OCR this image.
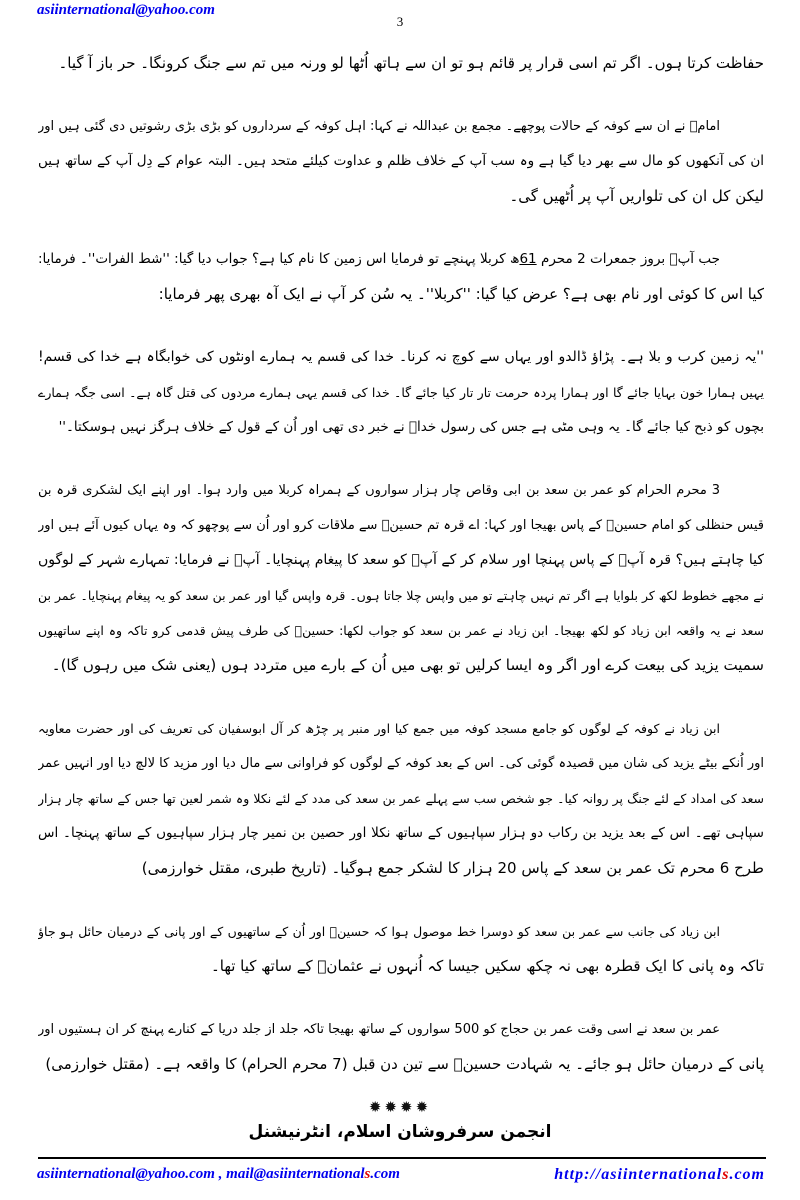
asiinternational@yahoo.com
3
حفاظت کرتا ہوں۔ اگر تم اسی قرار پر قائم ہو تو ان سے ہاتھ اُٹھا لو ورنہ میں تم سے جنگ کرونگا۔ حر باز آ گیا۔
امامؑ نے ان سے کوفہ کے حالات پوچھے۔ مجمع بن عبداللہ نے کہا: اہل کوفہ کے سرداروں کو بڑی بڑی رشوتیں دی گئی ہیں اور
ان کی آنکھوں کو مال سے بھر دیا گیا ہے وہ سب آپ کے خلاف ظلم و عداوت کیلئے متحد ہیں۔ البتہ عوام کے دِل آپ کے ساتھ ہیں
لیکن کل ان کی تلواریں آپ پر اُٹھیں گی۔
جب آپؑ بروز جمعرات 2 محرم 61ھ کربلا پہنچے تو فرمایا اس زمین کا نام کیا ہے؟ جواب دیا گیا: ''شط الفرات''۔ فرمایا:
کیا اس کا کوئی اور نام بھی ہے؟ عرض کیا گیا: ''کربلا''۔ یہ سُن کر آپ نے ایک آہ بھری پھر فرمایا:
''یہ زمین کرب و بلا ہے۔ پڑاؤ ڈالدو اور یہاں سے کوچ نہ کرنا۔ خدا کی قسم یہ ہمارے اونٹوں کی خوابگاہ ہے خدا کی قسم!
یہیں ہمارا خون بہایا جائے گا اور ہمارا پردہ حرمت تار تار کیا جائے گا۔ خدا کی قسم یہی ہمارے مردوں کی قتل گاہ ہے۔ اسی جگہ ہمارے
بچوں کو ذبح کیا جائے گا۔ یہ وہی مٹی ہے جس کی رسول خداؐ نے خبر دی تھی اور اُن کے قول کے خلاف ہرگز نہیں ہوسکتا۔''
3 محرم الحرام کو عمر بن سعد بن ابی وقاص چار ہزار سواروں کے ہمراہ کربلا میں وارد ہوا۔ اور اپنے ایک لشکری قرہ بن
قیس حنظلی کو امام حسینؑ کے پاس بھیجا اور کہا: اے قرہ تم حسینؑ سے ملاقات کرو اور اُن سے پوچھو کہ وہ یہاں کیوں آئے ہیں اور
کیا چاہتے ہیں؟ قرہ آپؑ کے پاس پہنچا اور سلام کر کے آپؑ کو سعد کا پیغام پہنچایا۔ آپؑ نے فرمایا: تمہارے شہر کے لوگوں
نے مجھے خطوط لکھ کر بلوایا ہے اگر تم نہیں چاہتے تو میں واپس چلا جاتا ہوں۔ قرہ واپس گیا اور عمر بن سعد کو یہ پیغام پہنچایا۔ عمر بن
سعد نے یہ واقعہ ابن زیاد کو لکھ بھیجا۔ ابن زیاد نے عمر بن سعد کو جواب لکھا: حسینؑ کی طرف پیش قدمی کرو تاکہ وہ اپنے ساتھیوں
سمیت یزید کی بیعت کرے اور اگر وہ ایسا کرلیں تو بھی میں اُن کے بارے میں متردد ہوں (یعنی شک میں رہوں گا)۔
ابن زیاد نے کوفہ کے لوگوں کو جامع مسجد کوفہ میں جمع کیا اور منبر پر چڑھ کر آل ابوسفیان کی تعریف کی اور حضرت معاویہ
اور اُنکے بیٹے یزید کی شان میں قصیدہ گوئی کی۔ اس کے بعد کوفہ کے لوگوں کو فراوانی سے مال دیا اور مزید کا لالچ دیا اور انہیں عمر
سعد کی امداد کے لئے جنگ پر روانہ کیا۔ جو شخص سب سے پہلے عمر بن سعد کی مدد کے لئے نکلا وہ شمر لعین تھا جس کے ساتھ چار ہزار
سپاہی تھے۔ اس کے بعد یزید بن رکاب دو ہزار سپاہیوں کے ساتھ نکلا اور حصین بن نمیر چار ہزار سپاہیوں کے ساتھ پہنچا۔ اس
طرح 6 محرم تک عمر بن سعد کے پاس 20 ہزار کا لشکر جمع ہوگیا۔ (تاریخ طبری، مقتل خوارزمی)
ابن زیاد کی جانب سے عمر بن سعد کو دوسرا خط موصول ہوا کہ حسینؑ اور اُن کے ساتھیوں کے اور پانی کے درمیان حائل ہو جاؤ
تاکہ وہ پانی کا ایک قطرہ بھی نہ چکھ سکیں جیسا کہ اُنہوں نے عثمانؓ کے ساتھ کیا تھا۔
عمر بن سعد نے اسی وقت عمر بن حجاج کو 500 سواروں کے ساتھ بھیجا تاکہ جلد از جلد دریا کے کنارے پہنچ کر ان ہستیوں اور
پانی کے درمیان حائل ہو جائے۔ یہ شہادت حسینؑ سے تین دن قبل (7 محرم الحرام) کا واقعہ ہے۔ (مقتل خوارزمی)
✹✹✹✹
انجمن سرفروشان اسلام، انٹرنیشنل
asiinternational@yahoo.com , mail@asiinternationals.com	http://asiinternationals.com
